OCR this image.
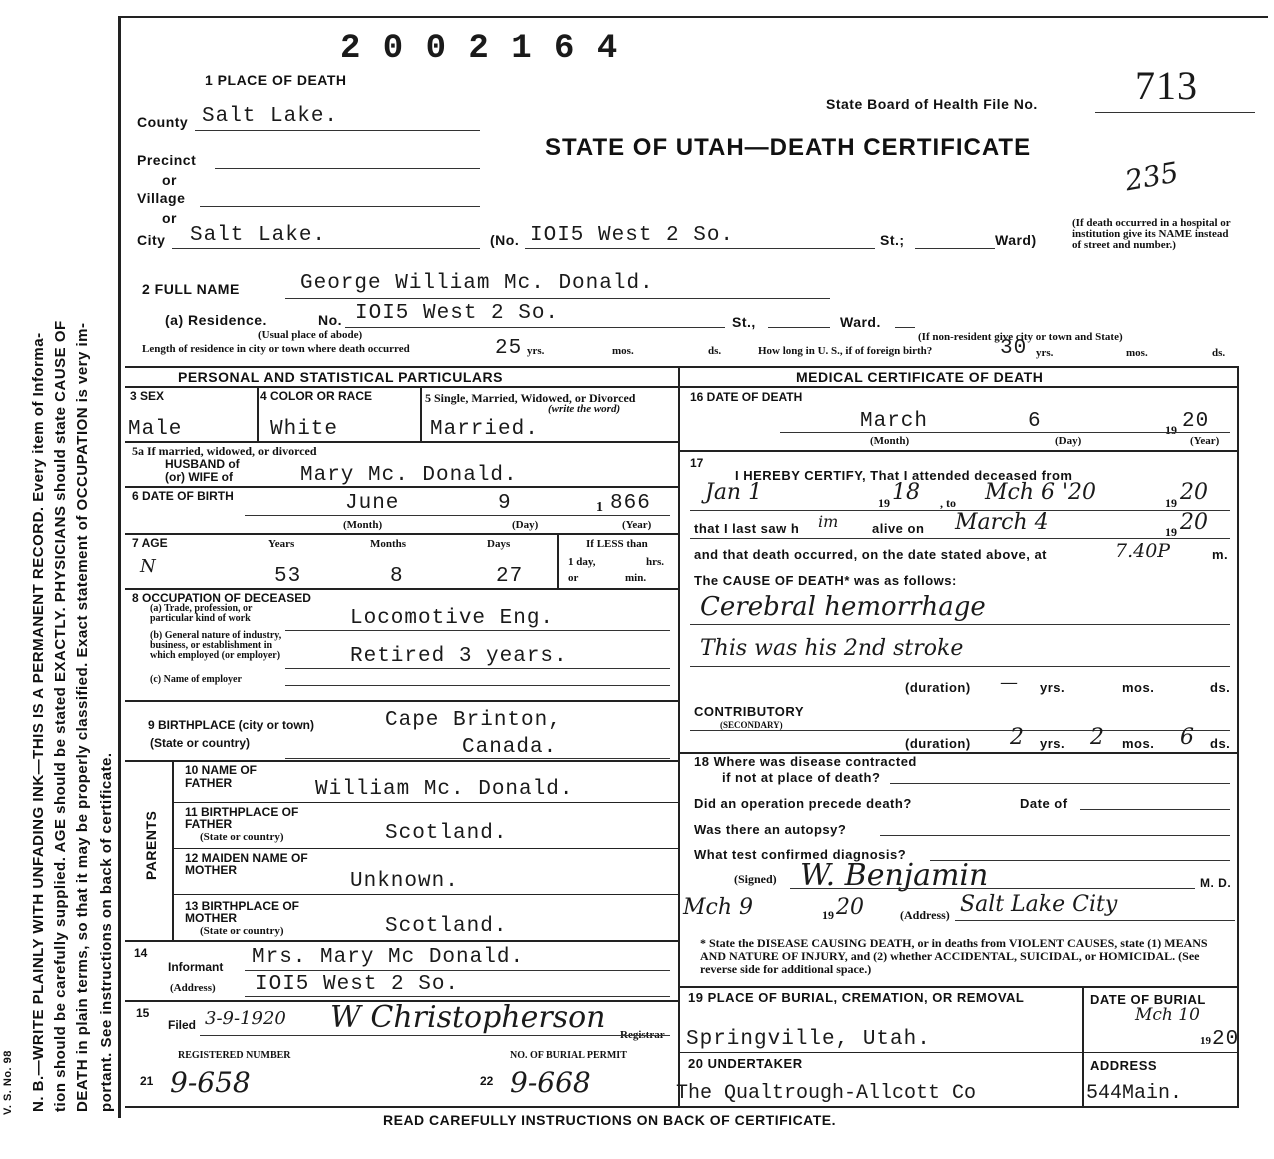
V. S. No. 98 N. B.—WRITE PLAINLY WITH UNFADING INK—THIS IS A PERMANENT RECORD. Every item of Informa- tion should be carefully supplied. AGE should be stated EXACTLY. PHYSICIANS should state CAUSE OF DEATH in plain terms, so that it may be properly classified. Exact statement of OCCUPATION is very im- portant. See instructions on back of certificate.
2 0 0 2 1 6 4
1 PLACE OF DEATH
State Board of Health File No. 713
235
STATE OF UTAH—DEATH CERTIFICATE
County Salt Lake.
Precinct
or
Village
or
City Salt Lake.	(No. IOI5 West 2 So.	St.;	Ward)
(If death occurred in a hospital or institution give its NAME instead of street and number.)
2 FULL NAME	George William Mc. Donald.
(a) Residence.	No. IOI5 West 2 So.	St.,	Ward.
(Usual place of abode)	(If non-resident give city or town and State)
Length of residence in city or town where death occurred	25 yrs.	mos.	ds.	How long in U. S., if of foreign birth?	30 yrs.	mos.	ds.
PERSONAL AND STATISTICAL PARTICULARS
3 SEX
Male
4 COLOR OR RACE
White
5 Single, Married, Widowed, or Divorced
(write the word)
Married.
5a If married, widowed, or divorced
HUSBAND of
(or) WIFE of	Mary Mc. Donald.
6 DATE OF BIRTH	June	9	1 866
(Month)	(Day)	(Year)
7 AGE	Years	Months	Days	If LESS than
1 day,	hrs.
or	min.
N	53	8	27
8 OCCUPATION OF DECEASED
(a) Trade, profession, or particular kind of work	Locomotive Eng.
(b) General nature of industry, business, or establishment in which employed (or employer)	Retired 3 years.
(c) Name of employer
9 BIRTHPLACE (city or town)	Cape Brinton,
(State or country)	Canada.
PARENTS
10 NAME OF FATHER	William Mc. Donald.
11 BIRTHPLACE OF FATHER
(State or country)	Scotland.
12 MAIDEN NAME OF MOTHER	Unknown.
13 BIRTHPLACE OF MOTHER
(State or country)	Scotland.
14
Informant Mrs. Mary Mc Donald.
(Address) IOI5 West 2 So.
15
Filed 3-9-1920 W Christopherson Registrar
REGISTERED NUMBER	NO. OF BURIAL PERMIT
21 9-658	22 9-668
MEDICAL CERTIFICATE OF DEATH
16 DATE OF DEATH
March	6	19 20
(Month)	(Day)	(Year)
17
I HEREBY CERTIFY, That I attended deceased from
Jan 1	19 18 , to Mch 6 '20	19 20
that I last saw h im	alive on March 4	19 20
and that death occurred, on the date stated above, at	7.40P	m.
The CAUSE OF DEATH* was as follows:
Cerebral hemorrhage
This was his 2nd stroke
(duration) — yrs.	mos.	ds.
CONTRIBUTORY
(SECONDARY)
(duration) 2 yrs. 2 mos. 6 ds.
18 Where was disease contracted
if not at place of death?
Did an operation precede death?	Date of
Was there an autopsy?
What test confirmed diagnosis?
(Signed) W. Benjamin	M. D.
Mch 9	19 20	(Address) Salt Lake City
* State the DISEASE CAUSING DEATH, or in deaths from VIOLENT CAUSES, state (1) MEANS AND NATURE OF INJURY, and (2) whether ACCIDENTAL, SUICIDAL, or HOMICIDAL. (See reverse side for additional space.)
19 PLACE OF BURIAL, CREMATION, OR REMOVAL
Springville, Utah.
DATE OF BURIAL
Mch 10
19 20
20 UNDERTAKER
The Qualtrough-Allcott Co
ADDRESS
544Main.
READ CAREFULLY INSTRUCTIONS ON BACK OF CERTIFICATE.
